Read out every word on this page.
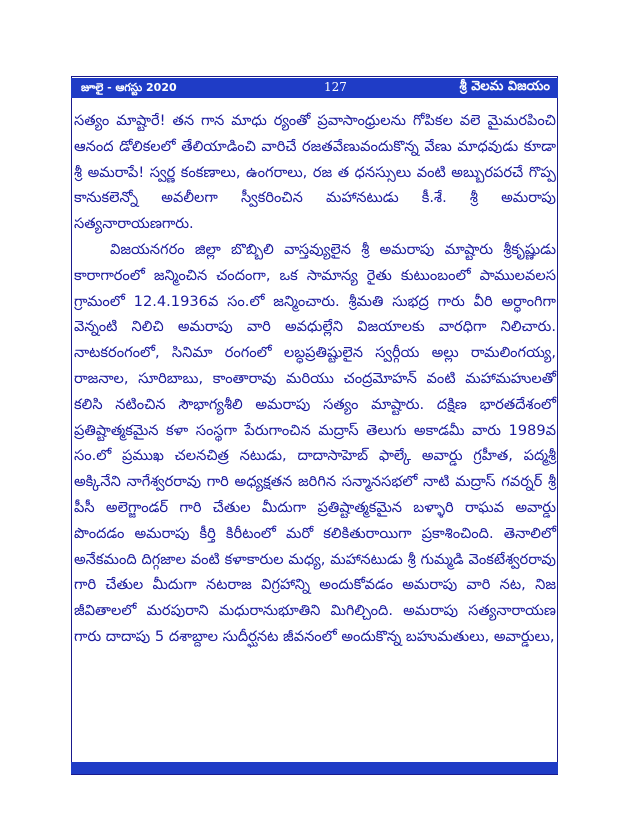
జూలై - ఆగస్టు 2020	127	శ్రీ వెలమ విజయం

సత్యం మాష్టారే! తన గాన మాధు ర్యంతో ప్రవాసాంధ్రులను గోపికల వలె మైమరపించి ఆనంద డోలికలలో తేలియాడించి వారిచే రజతవేణువందుకొన్న వేణు మాధవుడు కూడా శ్రీ అమరాపే! స్వర్ణ కంకణాలు, ఉంగరాలు, రజ త ధనస్సులు వంటి అబ్బురపరచే గొప్ప కానుకలెన్నో అవలీలగా స్వీకరించిన మహానటుడు కీ.శే. శ్రీ అమరాపు సత్యనారాయణగారు.

విజయనగరం జిల్లా బొబ్బిలి వాస్తవ్యులైన శ్రీ అమరాపు మాష్టారు శ్రీకృష్ణుడు కారాగారంలో జన్మించిన చందంగా, ఒక సామాన్య రైతు కుటుంబంలో పాములవలస గ్రామంలో 12.4.1936వ సం.లో జన్మించారు. శ్రీమతి సుభద్ర గారు వీరి అర్ధాంగిగా వెన్నంటి నిలిచి అమరాపు వారి అవధుల్లేని విజయాలకు వారధిగా నిలిచారు. నాటకరంగంలో, సినిమా రంగంలో లబ్ధప్రతిష్టులైన స్వర్గీయ అల్లు రామలింగయ్య, రాజనాల, సూరిబాబు, కాంతారావు మరియు చంద్రమోహన్ వంటి మహామహులతో కలిసి నటించిన సౌభాగ్యశీలి అమరాపు సత్యం మాష్టారు. దక్షిణ భారతదేశంలో ప్రతిష్టాత్మకమైన కళా సంస్థగా పేరుగాంచిన మద్రాస్ తెలుగు అకాడమీ వారు 1989వ సం.లో ప్రముఖ చలనచిత్ర నటుడు, దాదాసాహెబ్ ఫాల్కే అవార్డు గ్రహీత, పద్మశ్రీ అక్కినేని నాగేశ్వరరావు గారి అధ్యక్షతన జరిగిన సన్మానసభలో నాటి మద్రాస్ గవర్నర్ శ్రీ పీసీ అలెగ్జాండర్ గారి చేతుల మీదుగా ప్రతిష్టాత్మకమైన బళ్ళారి రాఘవ అవార్డు పొందడం అమరాపు కీర్తి కిరీటంలో మరో కలికితురాయిగా ప్రకాశించింది. తెనాలిలో అనేకమంది దిగ్గజాల వంటి కళాకారుల మధ్య, మహానటుడు శ్రీ గుమ్మడి వెంకటేశ్వరరావు గారి చేతుల మీదుగా నటరాజ విగ్రహాన్ని అందుకోవడం అమరాపు వారి నట, నిజ జీవితాలలో మరపురాని మధురానుభూతిని మిగిల్చింది. అమరాపు సత్యనారాయణ గారు దాదాపు 5 దశాబ్దాల సుదీర్ఘనట జీవనంలో అందుకొన్న బహుమతులు, అవార్డులు,
